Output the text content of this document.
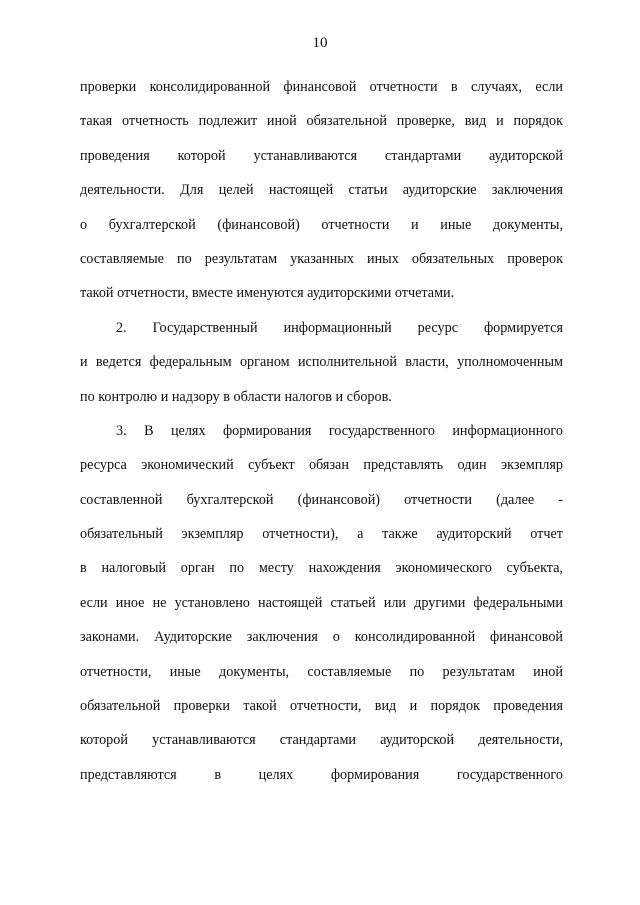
10

проверки консолидированной финансовой отчетности в случаях, если
такая отчетность подлежит иной обязательной проверке, вид и порядок
проведения которой устанавливаются стандартами аудиторской
деятельности. Для целей настоящей статьи аудиторские заключения
о бухгалтерской (финансовой) отчетности и иные документы,
составляемые по результатам указанных иных обязательных проверок
такой отчетности, вместе именуются аудиторскими отчетами.

2. Государственный информационный ресурс формируется
и ведется федеральным органом исполнительной власти, уполномоченным
по контролю и надзору в области налогов и сборов.

3. В целях формирования государственного информационного
ресурса экономический субъект обязан представлять один экземпляр
составленной бухгалтерской (финансовой) отчетности (далее -
обязательный экземпляр отчетности), а также аудиторский отчет
в налоговый орган по месту нахождения экономического субъекта,
если иное не установлено настоящей статьей или другими федеральными
законами. Аудиторские заключения о консолидированной финансовой
отчетности, иные документы, составляемые по результатам иной
обязательной проверки такой отчетности, вид и порядок проведения
которой устанавливаются стандартами аудиторской деятельности,
представляются в целях формирования государственного
